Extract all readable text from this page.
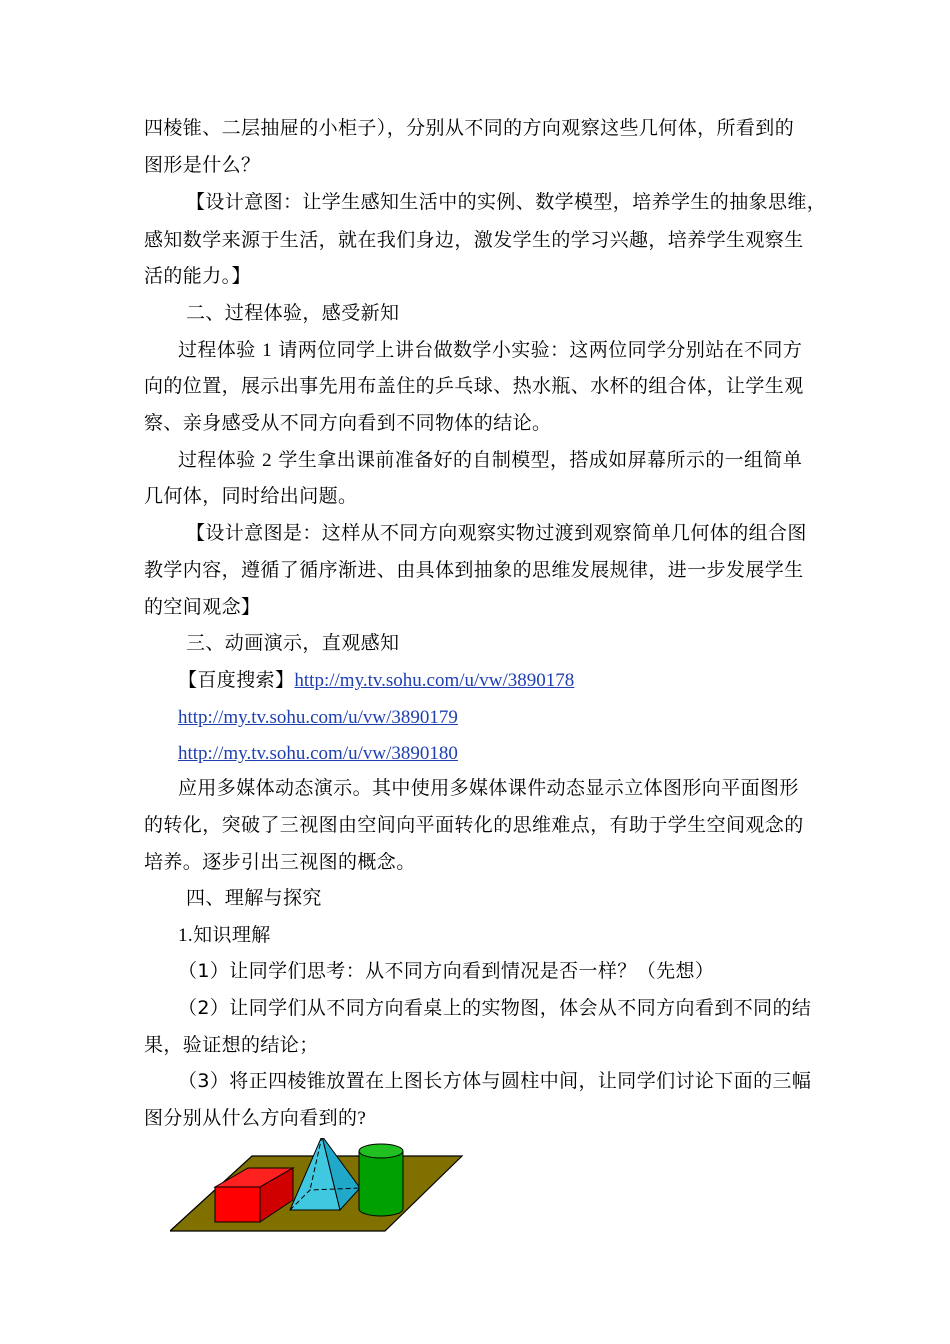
四棱锥、二层抽屉的小柜子），分别从不同的方向观察这些几何体，所看到的
图形是什么？
【设计意图：让学生感知生活中的实例、数学模型，培养学生的抽象思维，
感知数学来源于生活，就在我们身边，激发学生的学习兴趣，培养学生观察生
活的能力。】
二、过程体验，感受新知
过程体验 1 请两位同学上讲台做数学小实验：这两位同学分别站在不同方
向的位置，展示出事先用布盖住的乒乓球、热水瓶、水杯的组合体，让学生观
察、亲身感受从不同方向看到不同物体的结论。
过程体验 2 学生拿出课前准备好的自制模型，搭成如屏幕所示的一组简单
几何体，同时给出问题。
【设计意图是：这样从不同方向观察实物过渡到观察简单几何体的组合图
教学内容，遵循了循序渐进、由具体到抽象的思维发展规律，进一步发展学生
的空间观念】
三、动画演示，直观感知
【百度搜索】http://my.tv.sohu.com/u/vw/3890178
http://my.tv.sohu.com/u/vw/3890179
http://my.tv.sohu.com/u/vw/3890180
应用多媒体动态演示。其中使用多媒体课件动态显示立体图形向平面图形
的转化，突破了三视图由空间向平面转化的思维难点，有助于学生空间观念的
培养。逐步引出三视图的概念。
四、理解与探究
1.知识理解
（1）让同学们思考：从不同方向看到情况是否一样？（先想）
（2）让同学们从不同方向看桌上的实物图，体会从不同方向看到不同的结
果，验证想的结论；
（3）将正四棱锥放置在上图长方体与圆柱中间，让同学们讨论下面的三幅
图分别从什么方向看到的?
